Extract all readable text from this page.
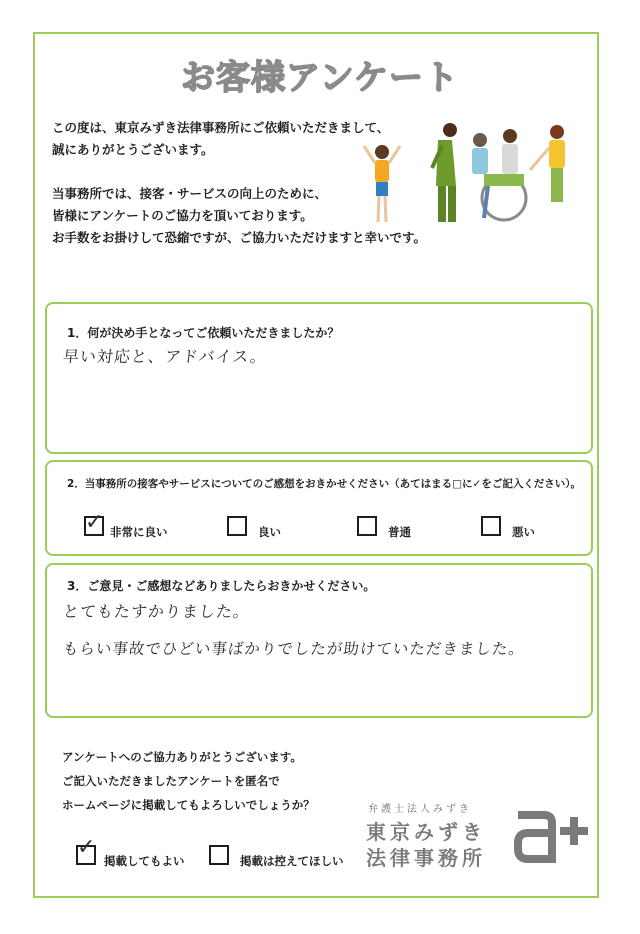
お客様アンケート
この度は、東京みずき法律事務所にご依頼いただきまして、
誠にありがとうございます。
当事務所では、接客・サービスの向上のために、
皆様にアンケートのご協力を頂いております。
お手数をお掛けして恐縮ですが、ご協力いただけますと幸いです。
1．何が決め手となってご依頼いただきましたか？
早い対応と、アドバイス。
2．当事務所の接客やサービスについてのご感想をおきかせください（あてはまる□に✓をご記入ください）。
✓ 非常に良い	良い	普通	悪い
3．ご意見・ご感想などありましたらおきかせください。
とてもたすかりました。
もらい事故でひどい事ばかりでしたが助けていただきました。
アンケートへのご協力ありがとうございます。
ご記入いただきましたアンケートを匿名で
ホームページに掲載してもよろしいでしょうか？
✓
掲載してもよい	掲載は控えてほしい
弁護士法人みずき
東京みずき
法律事務所
